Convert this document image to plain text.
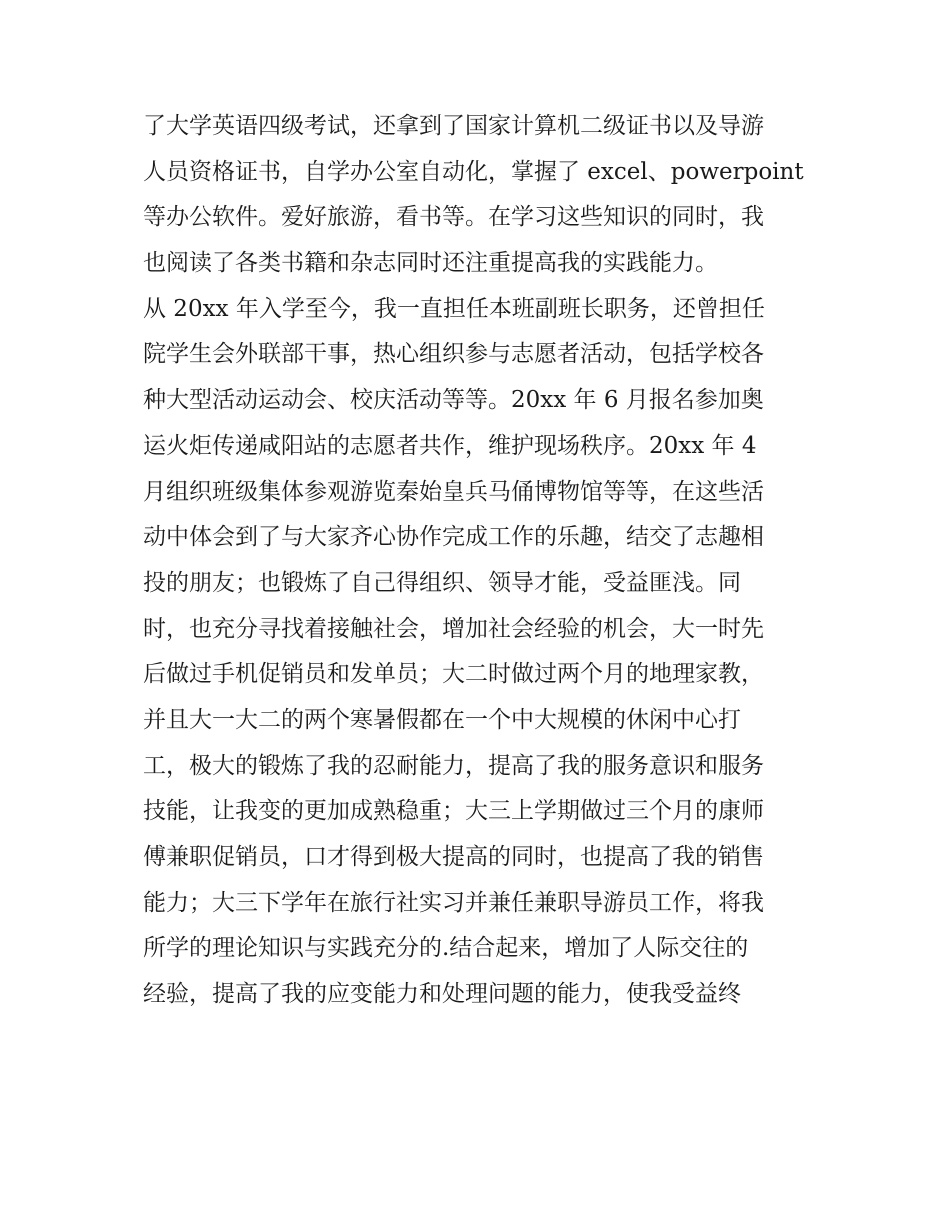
了大学英语四级考试，还拿到了国家计算机二级证书以及导游
人员资格证书，自学办公室自动化，掌握了 excel、powerpoint
等办公软件。爱好旅游，看书等。在学习这些知识的同时，我
也阅读了各类书籍和杂志同时还注重提高我的实践能力。
从 20xx 年入学至今，我一直担任本班副班长职务，还曾担任
院学生会外联部干事，热心组织参与志愿者活动，包括学校各
种大型活动运动会、校庆活动等等。20xx 年 6 月报名参加奥
运火炬传递咸阳站的志愿者共作，维护现场秩序。20xx 年 4
月组织班级集体参观游览秦始皇兵马俑博物馆等等，在这些活
动中体会到了与大家齐心协作完成工作的乐趣，结交了志趣相
投的朋友；也锻炼了自己得组织、领导才能，受益匪浅。同
时，也充分寻找着接触社会，增加社会经验的机会，大一时先
后做过手机促销员和发单员；大二时做过两个月的地理家教，
并且大一大二的两个寒暑假都在一个中大规模的休闲中心打
工，极大的锻炼了我的忍耐能力，提高了我的服务意识和服务
技能，让我变的更加成熟稳重；大三上学期做过三个月的康师
傅兼职促销员，口才得到极大提高的同时，也提高了我的销售
能力；大三下学年在旅行社实习并兼任兼职导游员工作，将我
所学的理论知识与实践充分的.结合起来，增加了人际交往的
经验，提高了我的应变能力和处理问题的能力，使我受益终
